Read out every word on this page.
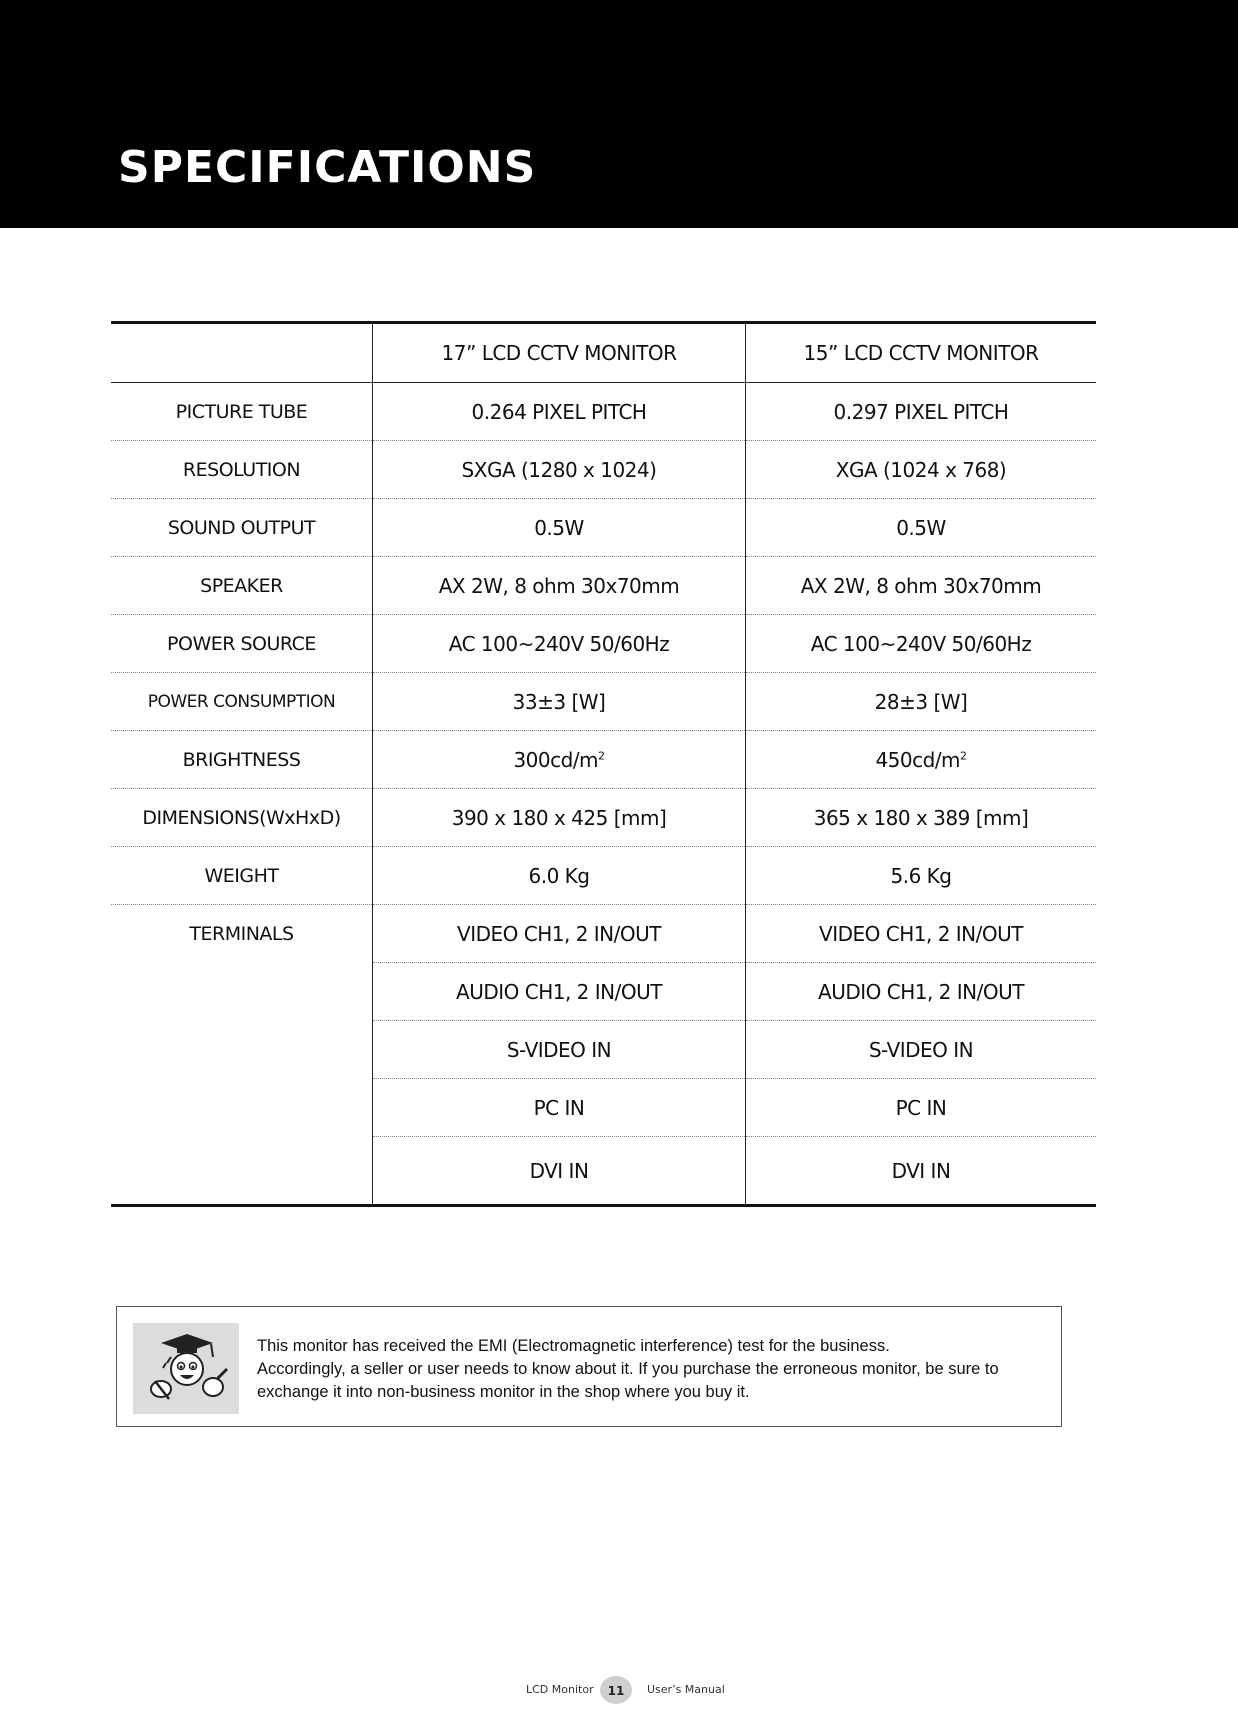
SPECIFICATIONS
	17” LCD CCTV MONITOR	15” LCD CCTV MONITOR
PICTURE TUBE	0.264 PIXEL PITCH	0.297 PIXEL PITCH
RESOLUTION	SXGA (1280 x 1024)	XGA (1024 x 768)
SOUND OUTPUT	0.5W	0.5W
SPEAKER	AX 2W, 8 ohm 30x70mm	AX 2W, 8 ohm 30x70mm
POWER SOURCE	AC 100~240V 50/60Hz	AC 100~240V 50/60Hz
POWER CONSUMPTION	33±3 [W]	28±3 [W]
BRIGHTNESS	$300cd/m^2$	$450cd/m^2$
DIMENSIONS(WxHxD)	390 x 180 x 425 [mm]	365 x 180 x 389 [mm]
WEIGHT	6.0 Kg	5.6 Kg
TERMINALS	VIDEO CH1, 2 IN/OUT	VIDEO CH1, 2 IN/OUT
	AUDIO CH1, 2 IN/OUT	AUDIO CH1, 2 IN/OUT
	S-VIDEO IN	S-VIDEO IN
	PC IN	PC IN
	DVI IN	DVI IN
This monitor has received the EMI (Electromagnetic interference) test for the business.
Accordingly, a seller or user needs to know about it. If you purchase the erroneous monitor, be sure to
exchange it into non-business monitor in the shop where you buy it.
LCD Monitor	11	User’s Manual
